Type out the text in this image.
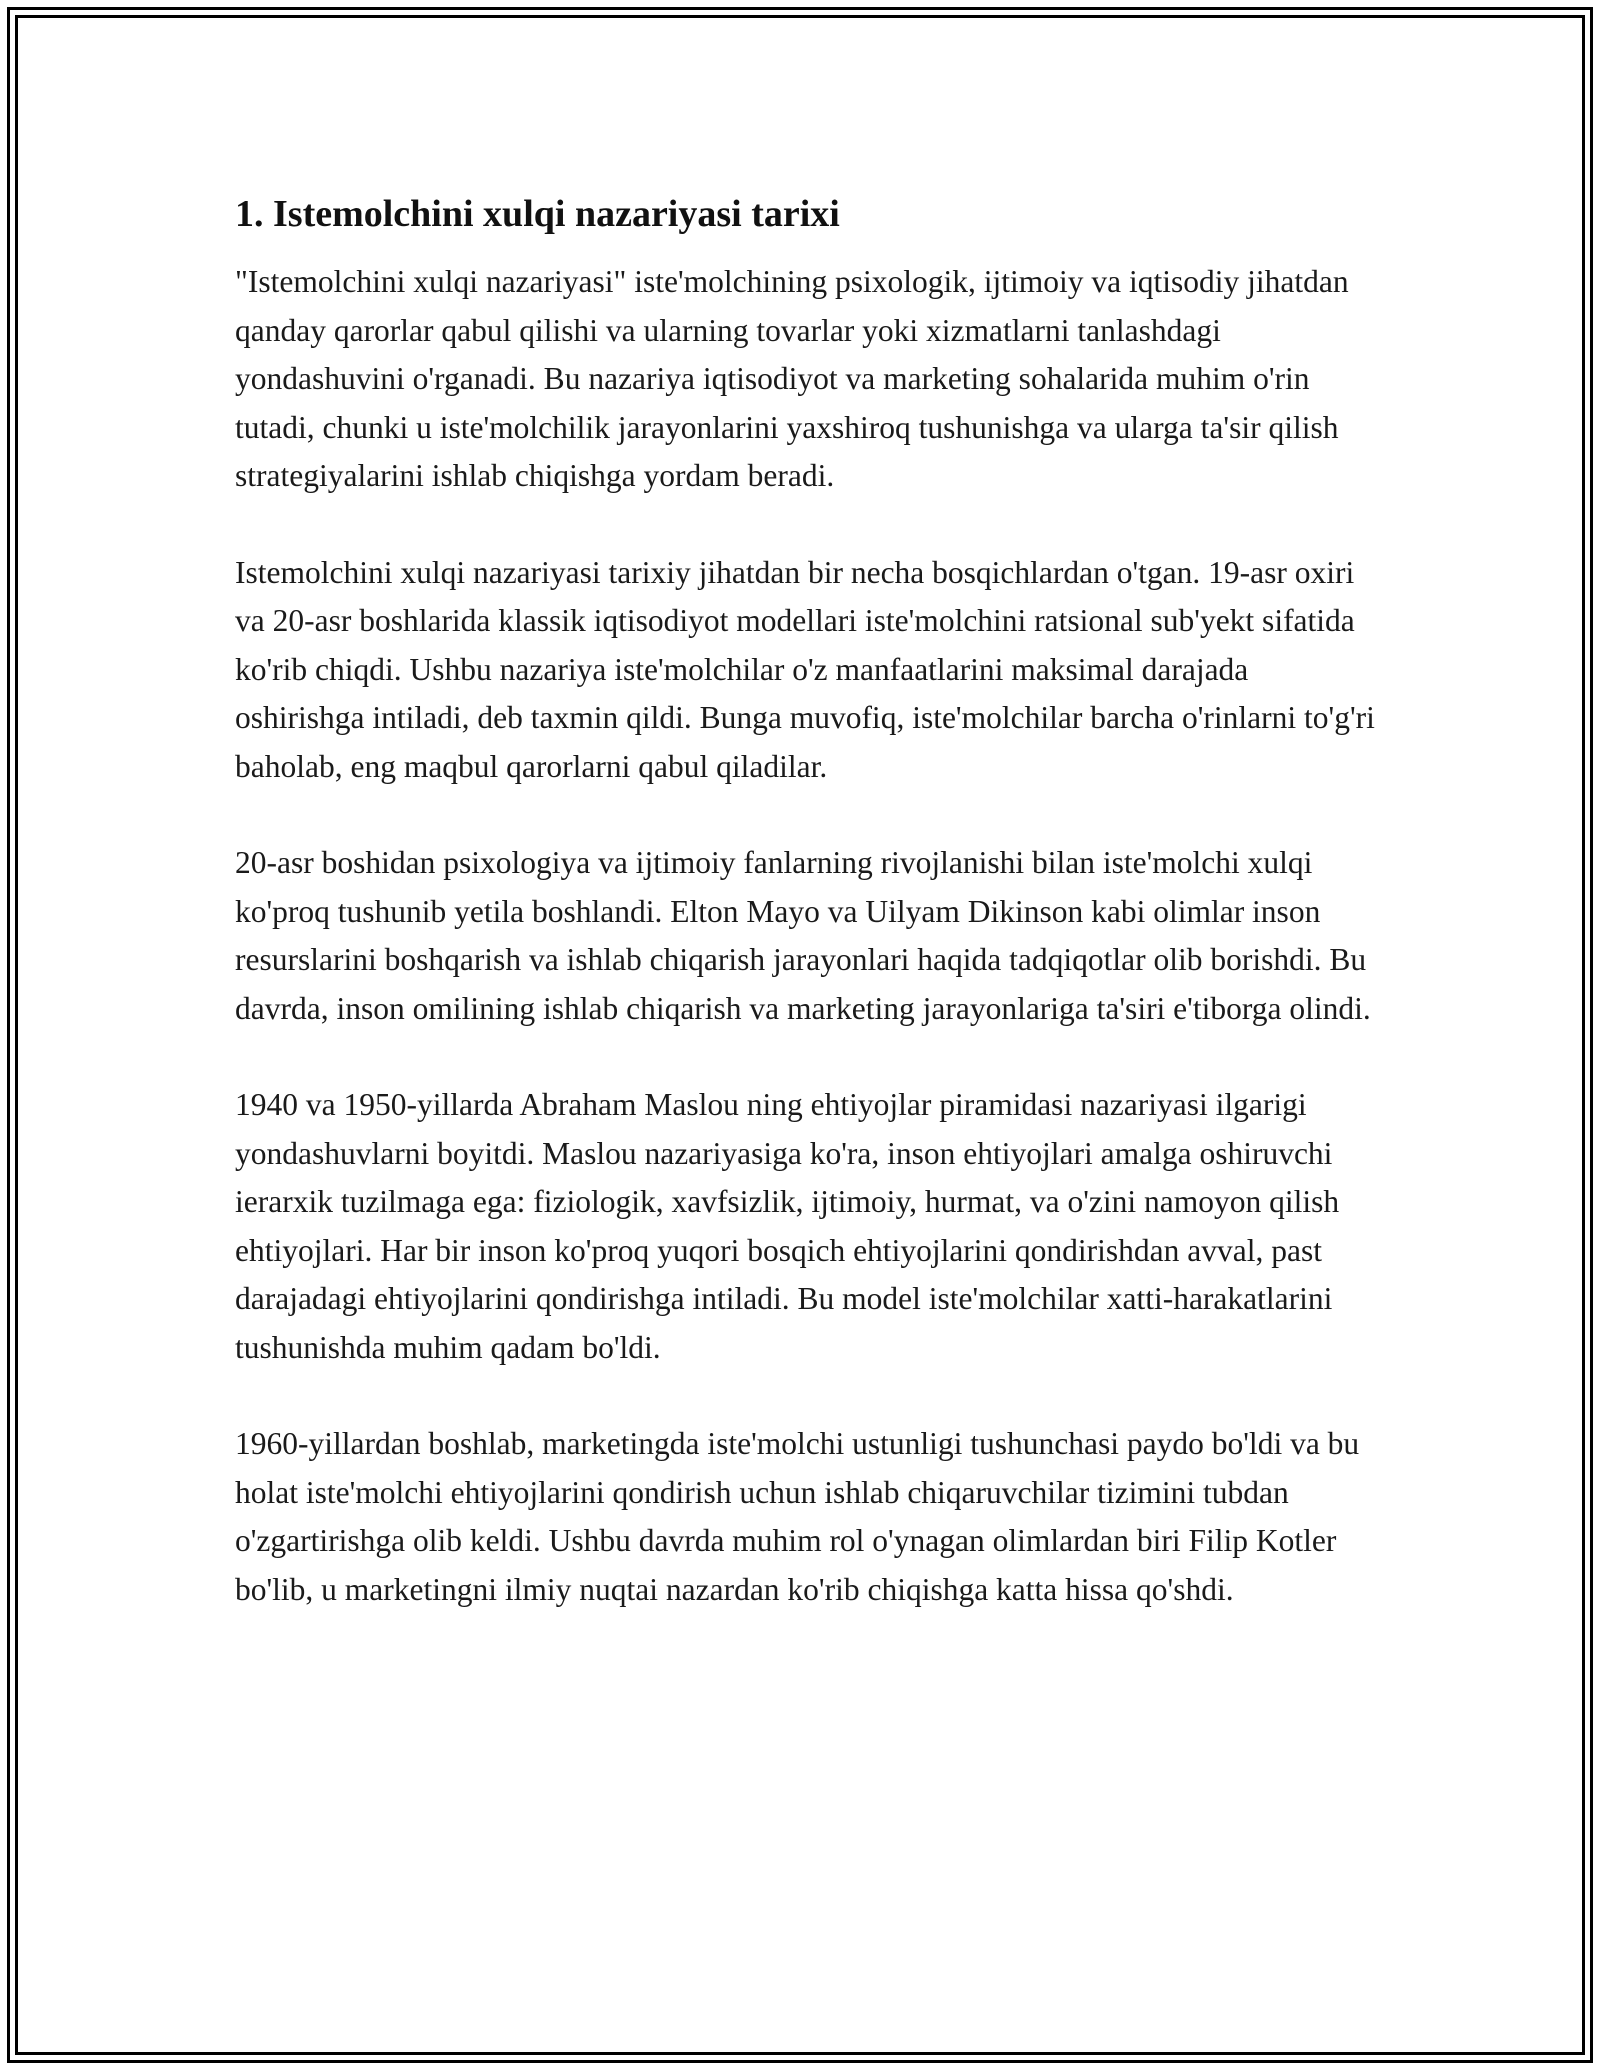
1. Istemolchini xulqi nazariyasi tarixi

"Istemolchini xulqi nazariyasi" iste'molchining psixologik, ijtimoiy va iqtisodiy jihatdan qanday qarorlar qabul qilishi va ularning tovarlar yoki xizmatlarni tanlashdagi yondashuvini o'rganadi. Bu nazariya iqtisodiyot va marketing sohalarida muhim o'rin tutadi, chunki u iste'molchilik jarayonlarini yaxshiroq tushunishga va ularga ta'sir qilish strategiyalarini ishlab chiqishga yordam beradi.

Istemolchini xulqi nazariyasi tarixiy jihatdan bir necha bosqichlardan o'tgan. 19-asr oxiri va 20-asr boshlarida klassik iqtisodiyot modellari iste'molchini ratsional sub'yekt sifatida ko'rib chiqdi. Ushbu nazariya iste'molchilar o'z manfaatlarini maksimal darajada oshirishga intiladi, deb taxmin qildi. Bunga muvofiq, iste'molchilar barcha o'rinlarni to'g'ri baholab, eng maqbul qarorlarni qabul qiladilar.

20-asr boshidan psixologiya va ijtimoiy fanlarning rivojlanishi bilan iste'molchi xulqi ko'proq tushunib yetila boshlandi. Elton Mayo va Uilyam Dikinson kabi olimlar inson resurslarini boshqarish va ishlab chiqarish jarayonlari haqida tadqiqotlar olib borishdi. Bu davrda, inson omilining ishlab chiqarish va marketing jarayonlariga ta'siri e'tiborga olindi.

1940 va 1950-yillarda Abraham Maslou ning ehtiyojlar piramidasi nazariyasi ilgarigi yondashuvlarni boyitdi. Maslou nazariyasiga ko'ra, inson ehtiyojlari amalga oshiruvchi ierarxik tuzilmaga ega: fiziologik, xavfsizlik, ijtimoiy, hurmat, va o'zini namoyon qilish ehtiyojlari. Har bir inson ko'proq yuqori bosqich ehtiyojlarini qondirishdan avval, past darajadagi ehtiyojlarini qondirishga intiladi. Bu model iste'molchilar xatti-harakatlarini tushunishda muhim qadam bo'ldi.

1960-yillardan boshlab, marketingda iste'molchi ustunligi tushunchasi paydo bo'ldi va bu holat iste'molchi ehtiyojlarini qondirish uchun ishlab chiqaruvchilar tizimini tubdan o'zgartirishga olib keldi. Ushbu davrda muhim rol o'ynagan olimlardan biri Filip Kotler bo'lib, u marketingni ilmiy nuqtai nazardan ko'rib chiqishga katta hissa qo'shdi.
